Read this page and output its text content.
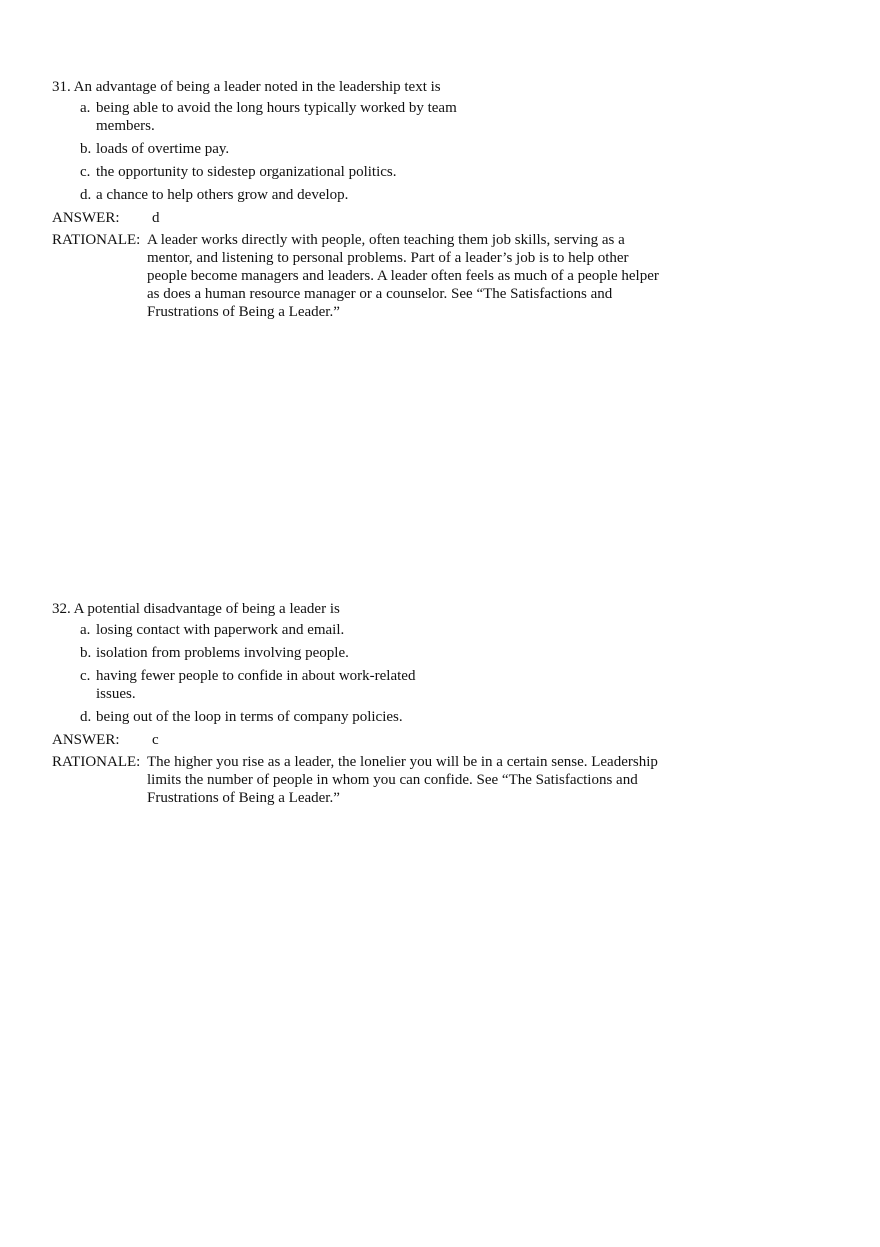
31. An advantage of being a leader noted in the leadership text is

a. being able to avoid the long hours typically worked by team members.
b. loads of overtime pay.
c. the opportunity to sidestep organizational politics.
d. a chance to help others grow and develop.
ANSWER:	d
RATIONALE: A leader works directly with people, often teaching them job skills, serving as a mentor, and listening to personal problems. Part of a leader’s job is to help other people become managers and leaders. A leader often feels as much of a people helper as does a human resource manager or a counselor. See “The Satisfactions and Frustrations of Being a Leader.”

32. A potential disadvantage of being a leader is

a. losing contact with paperwork and email.
b. isolation from problems involving people.
c. having fewer people to confide in about work-related issues.
d. being out of the loop in terms of company policies.
ANSWER:	c
RATIONALE: The higher you rise as a leader, the lonelier you will be in a certain sense. Leadership limits the number of people in whom you can confide. See “The Satisfactions and Frustrations of Being a Leader.”
